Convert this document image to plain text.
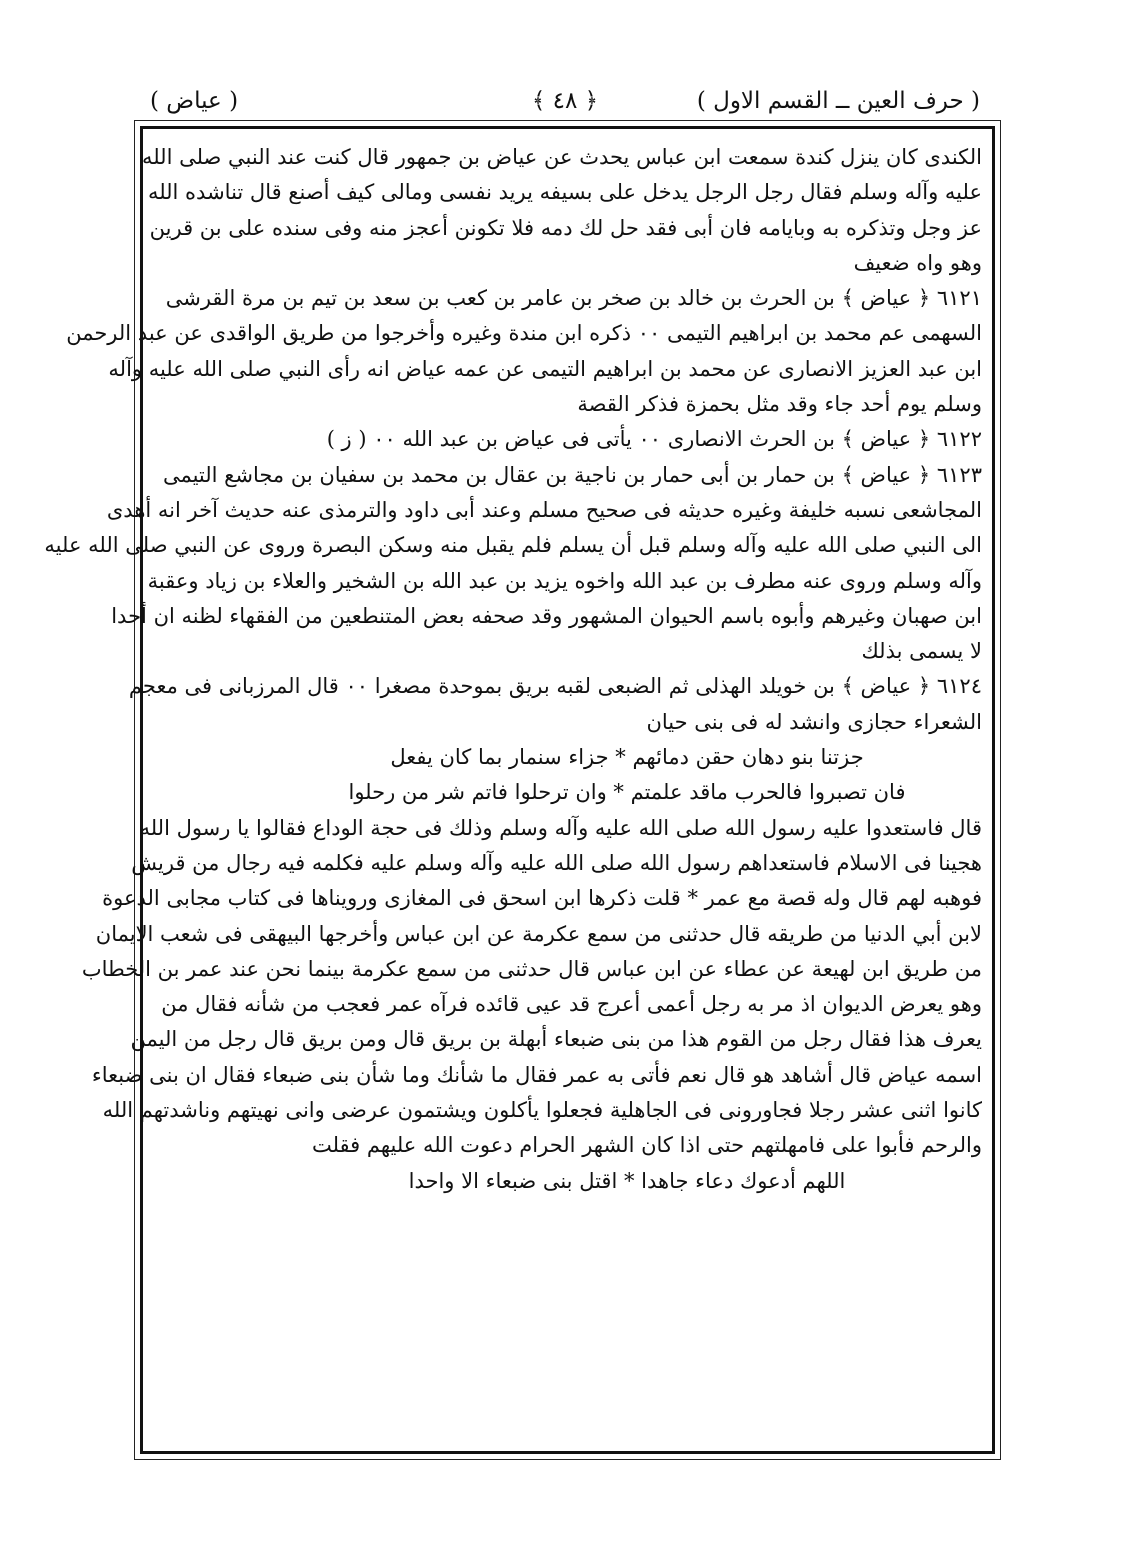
( حرف العين ــ القسم الاول )
﴿ ٤٨ ﴾
( عياض )
الكندى كان ينزل كندة سمعت ابن عباس يحدث عن عياض بن جمهور قال كنت عند النبي صلى الله
عليه وآله وسلم فقال رجل الرجل يدخل على بسيفه يريد نفسى ومالى كيف أصنع قال تناشده الله
عز وجل وتذكره به وبايامه فان أبى فقد حل لك دمه فلا تكونن أعجز منه وفى سنده على بن قرين
وهو واه ضعيف
٦١٢١ ﴿ عياض ﴾ بن الحرث بن خالد بن صخر بن عامر بن كعب بن سعد بن تيم بن مرة القرشى
السهمى عم محمد بن ابراهيم التيمى ٠٠ ذكره ابن مندة وغيره وأخرجوا من طريق الواقدى عن عبد الرحمن
ابن عبد العزيز الانصارى عن محمد بن ابراهيم التيمى عن عمه عياض انه رأى النبي صلى الله عليه وآله
وسلم يوم أحد جاء وقد مثل بحمزة فذكر القصة
٦١٢٢ ﴿ عياض ﴾ بن الحرث الانصارى ٠٠ يأتى فى عياض بن عبد الله ٠٠ ( ز )
٦١٢٣ ﴿ عياض ﴾ بن حمار بن أبى حمار بن ناجية بن عقال بن محمد بن سفيان بن مجاشع التيمى
المجاشعى نسبه خليفة وغيره حديثه فى صحيح مسلم وعند أبى داود والترمذى عنه حديث آخر انه أهدى
الى النبي صلى الله عليه وآله وسلم قبل أن يسلم فلم يقبل منه وسكن البصرة وروى عن النبي صلى الله عليه
وآله وسلم وروى عنه مطرف بن عبد الله واخوه يزيد بن عبد الله بن الشخير والعلاء بن زياد وعقبة
ابن صهبان وغيرهم وأبوه باسم الحيوان المشهور وقد صحفه بعض المتنطعين من الفقهاء لظنه ان أحدا
لا يسمى بذلك
٦١٢٤ ﴿ عياض ﴾ بن خويلد الهذلى ثم الضبعى لقبه بريق بموحدة مصغرا ٠٠ قال المرزبانى فى معجم
الشعراء حجازى وانشد له فى بنى حيان
جزتنا بنو دهان حقن دمائهم * جزاء سنمار بما كان يفعل
فان تصبروا فالحرب ماقد علمتم * وان ترحلوا فاتم شر من رحلوا
قال فاستعدوا عليه رسول الله صلى الله عليه وآله وسلم وذلك فى حجة الوداع فقالوا يا رسول الله
هجينا فى الاسلام فاستعداهم رسول الله صلى الله عليه وآله وسلم عليه فكلمه فيه رجال من قريش
فوهبه لهم قال وله قصة مع عمر * قلت ذكرها ابن اسحق فى المغازى ورويناها فى كتاب مجابى الدعوة
لابن أبي الدنيا من طريقه قال حدثنى من سمع عكرمة عن ابن عباس وأخرجها البيهقى فى شعب الايمان
من طريق ابن لهيعة عن عطاء عن ابن عباس قال حدثنى من سمع عكرمة بينما نحن عند عمر بن الخطاب
وهو يعرض الديوان اذ مر به رجل أعمى أعرج قد عيى قائده فرآه عمر فعجب من شأنه فقال من
يعرف هذا فقال رجل من القوم هذا من بنى ضبعاء أبهلة بن بريق قال ومن بريق قال رجل من اليمن
اسمه عياض قال أشاهد هو قال نعم فأتى به عمر فقال ما شأنك وما شأن بنى ضبعاء فقال ان بنى ضبعاء
كانوا اثنى عشر رجلا فجاورونى فى الجاهلية فجعلوا يأكلون ويشتمون عرضى وانى نهيتهم وناشدتهم الله
والرحم فأبوا على فامهلتهم حتى اذا كان الشهر الحرام دعوت الله عليهم فقلت
اللهم أدعوك دعاء جاهدا * اقتل بنى ضبعاء الا واحدا
